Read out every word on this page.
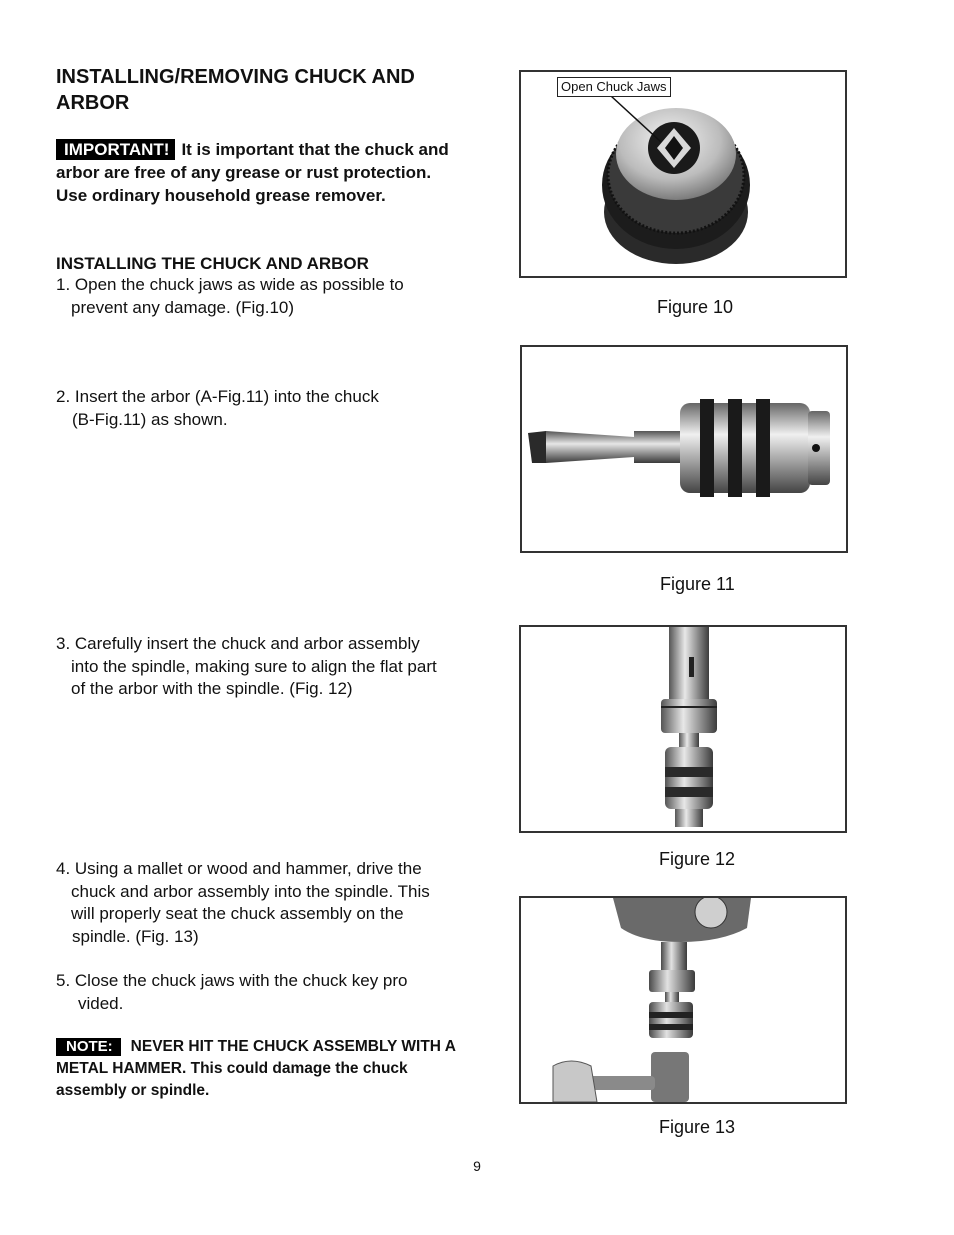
INSTALLING/REMOVING CHUCK AND ARBOR
IMPORTANT! It is important that the chuck and arbor are free of any grease or rust protection. Use ordinary household grease remover.
INSTALLING THE CHUCK AND ARBOR
1. Open the chuck jaws as wide as possible to
prevent any damage. (Fig.10)
2. Insert the arbor (A-Fig.11) into the chuck
(B-Fig.11) as shown.
3. Carefully insert the chuck and arbor assembly
into the spindle, making sure to align the flat part
of the arbor with the spindle. (Fig. 12)
4. Using a mallet or wood and hammer, drive the
chuck and arbor assembly into the spindle. This
will properly seat the chuck assembly on the
spindle. (Fig. 13)
5. Close the chuck jaws with the chuck key pro
vided.
NOTE: NEVER HIT THE CHUCK ASSEMBLY WITH A METAL HAMMER. This could damage the chuck assembly or spindle.
Open Chuck Jaws
Figure 10
Figure 11
Figure 12
Figure 13
9
